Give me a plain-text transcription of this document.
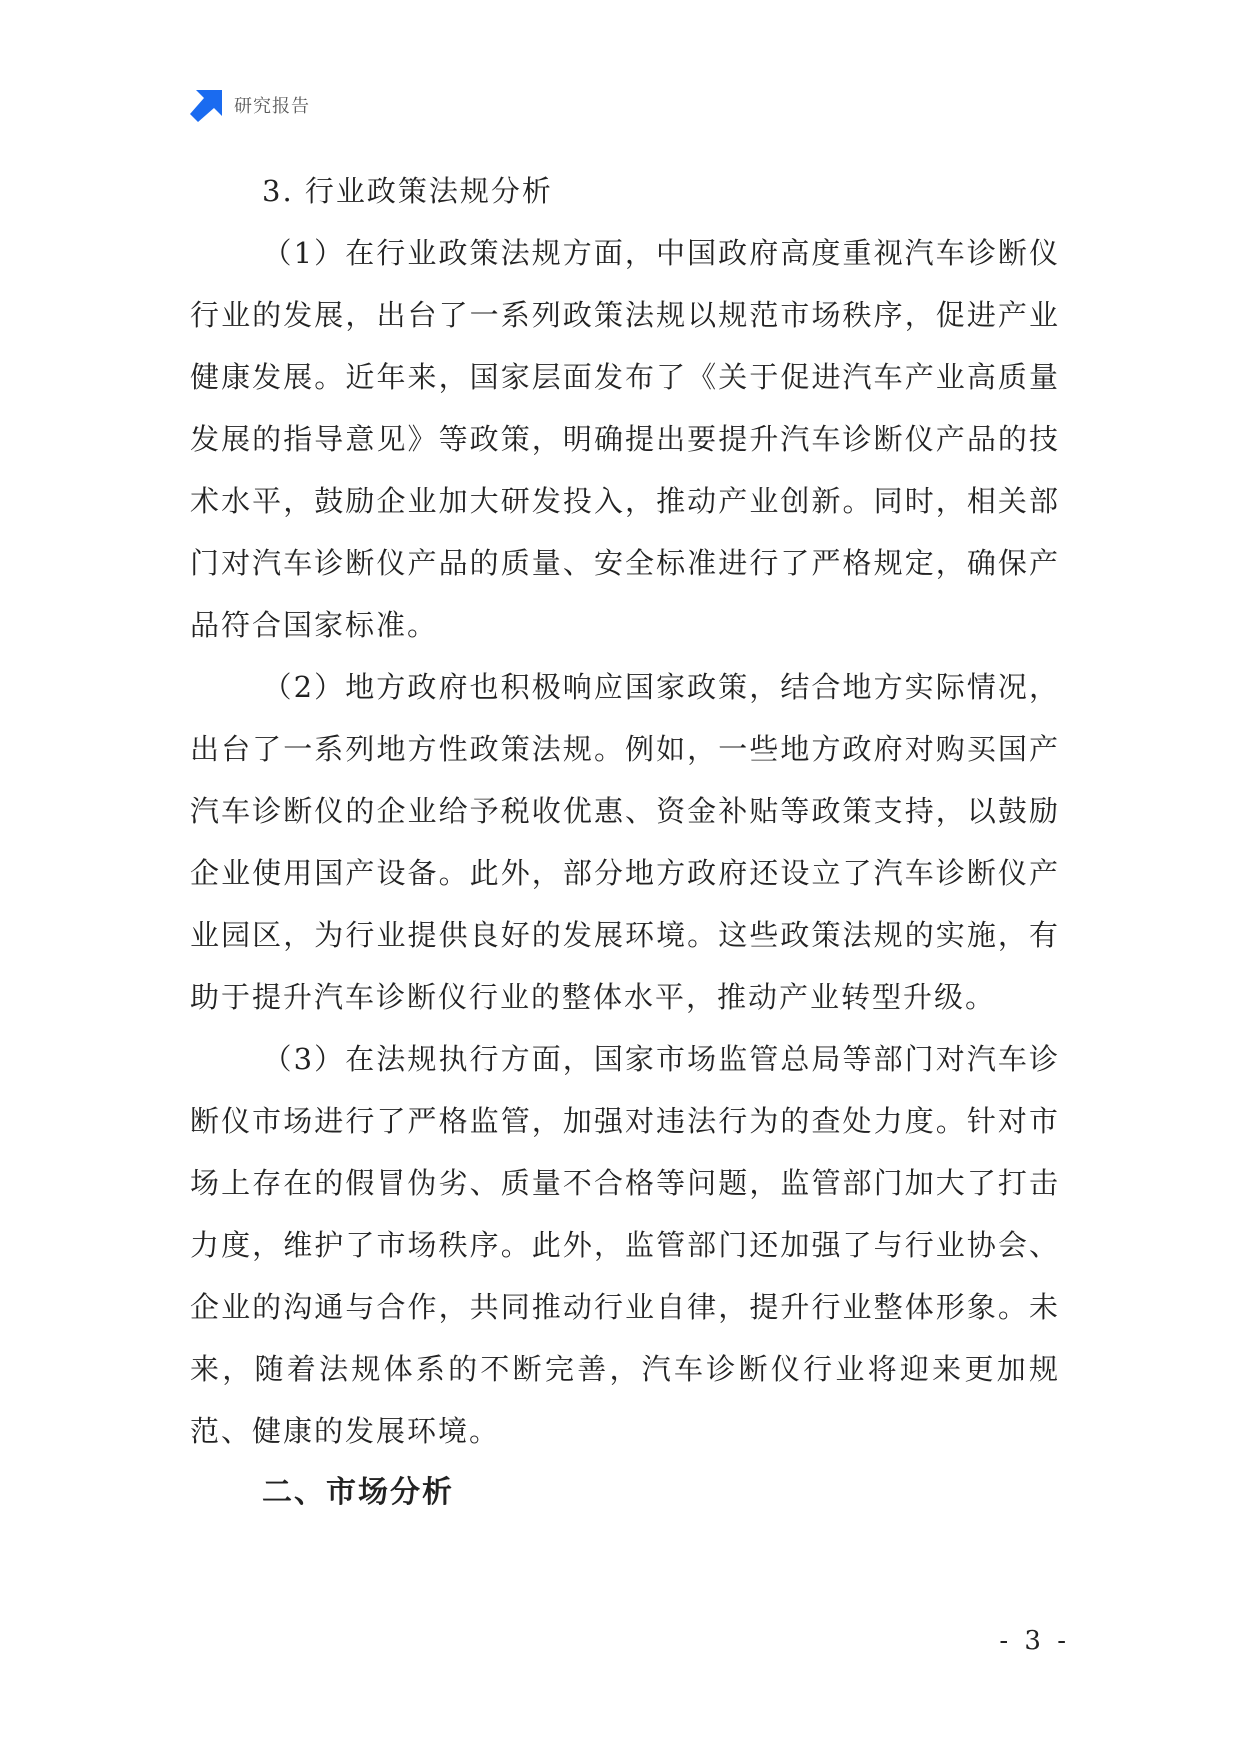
研究报告
3. 行业政策法规分析

（1）在行业政策法规方面，中国政府高度重视汽车诊断仪行业的发展，出台了一系列政策法规以规范市场秩序，促进产业健康发展。近年来，国家层面发布了《关于促进汽车产业高质量发展的指导意见》等政策，明确提出要提升汽车诊断仪产品的技术水平，鼓励企业加大研发投入，推动产业创新。同时，相关部门对汽车诊断仪产品的质量、安全标准进行了严格规定，确保产品符合国家标准。

（2）地方政府也积极响应国家政策，结合地方实际情况，出台了一系列地方性政策法规。例如，一些地方政府对购买国产汽车诊断仪的企业给予税收优惠、资金补贴等政策支持，以鼓励企业使用国产设备。此外，部分地方政府还设立了汽车诊断仪产业园区，为行业提供良好的发展环境。这些政策法规的实施，有助于提升汽车诊断仪行业的整体水平，推动产业转型升级。

（3）在法规执行方面，国家市场监管总局等部门对汽车诊断仪市场进行了严格监管，加强对违法行为的查处力度。针对市场上存在的假冒伪劣、质量不合格等问题，监管部门加大了打击力度，维护了市场秩序。此外，监管部门还加强了与行业协会、企业的沟通与合作，共同推动行业自律，提升行业整体形象。未来，随着法规体系的不断完善，汽车诊断仪行业将迎来更加规范、健康的发展环境。

二、市场分析
- 3 -
